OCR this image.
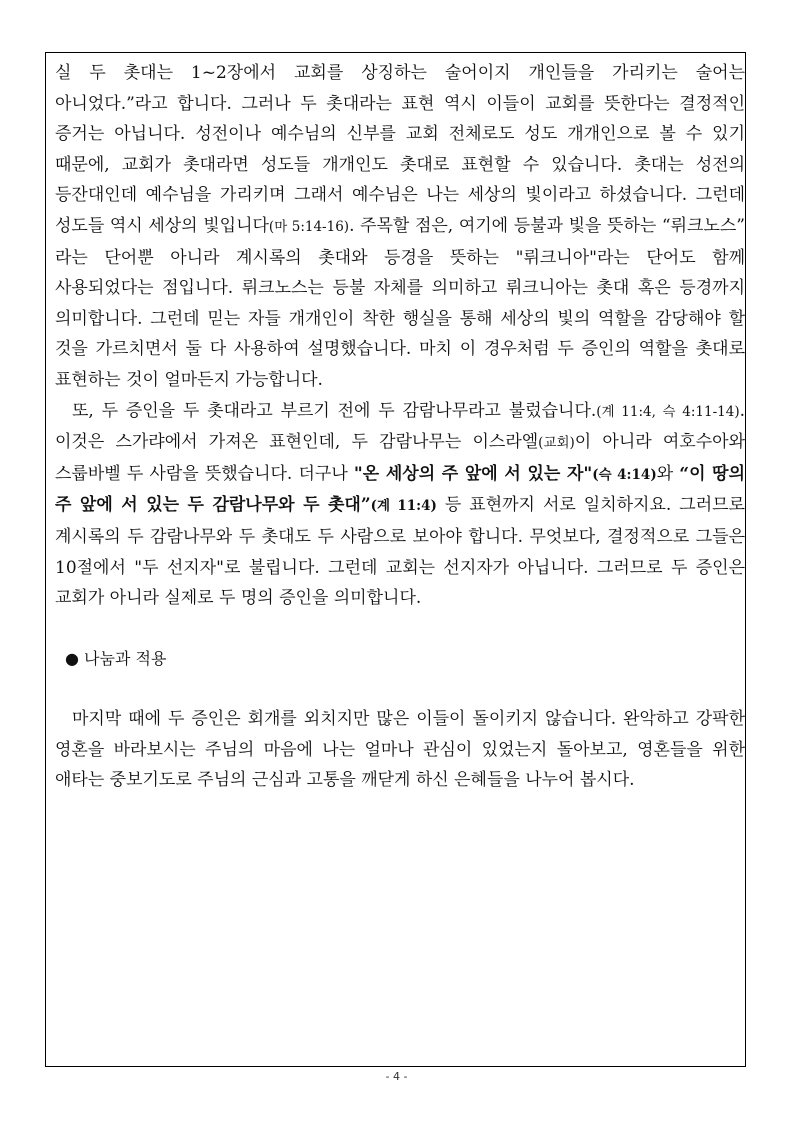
실 두 촛대는 1~2장에서 교회를 상징하는 술어이지 개인들을 가리키는 술어는 아니었다.”라고 합니다. 그러나 두 촛대라는 표현 역시 이들이 교회를 뜻한다는 결정적인 증거는 아닙니다. 성전이나 예수님의 신부를 교회 전체로도 성도 개개인으로 볼 수 있기 때문에, 교회가 촛대라면 성도들 개개인도 촛대로 표현할 수 있습니다. 촛대는 성전의 등잔대인데 예수님을 가리키며 그래서 예수님은 나는 세상의 빛이라고 하셨습니다. 그런데 성도들 역시 세상의 빛입니다(마 5:14-16). 주목할 점은, 여기에 등불과 빛을 뜻하는 “뤼크노스” 라는 단어뿐 아니라 계시록의 촛대와 등경을 뜻하는 "뤼크니아"라는 단어도 함께 사용되었다는 점입니다. 뤼크노스는 등불 자체를 의미하고 뤼크니아는 촛대 혹은 등경까지 의미합니다. 그런데 믿는 자들 개개인이 착한 행실을 통해 세상의 빛의 역할을 감당해야 할 것을 가르치면서 둘 다 사용하여 설명했습니다. 마치 이 경우처럼 두 증인의 역할을 촛대로 표현하는 것이 얼마든지 가능합니다.

또, 두 증인을 두 촛대라고 부르기 전에 두 감람나무라고 불렀습니다.(계 11:4, 슥 4:11-14). 이것은 스가랴에서 가져온 표현인데, 두 감람나무는 이스라엘(교회)이 아니라 여호수아와 스룹바벨 두 사람을 뜻했습니다. 더구나 "온 세상의 주 앞에 서 있는 자"(슥 4:14)와 “이 땅의 주 앞에 서 있는 두 감람나무와 두 촛대”(계 11:4) 등 표현까지 서로 일치하지요. 그러므로 계시록의 두 감람나무와 두 촛대도 두 사람으로 보아야 합니다. 무엇보다, 결정적으로 그들은 10절에서 "두 선지자"로 불립니다. 그런데 교회는 선지자가 아닙니다. 그러므로 두 증인은 교회가 아니라 실제로 두 명의 증인을 의미합니다.

● 나눔과 적용

마지막 때에 두 증인은 회개를 외치지만 많은 이들이 돌이키지 않습니다. 완악하고 강팍한 영혼을 바라보시는 주님의 마음에 나는 얼마나 관심이 있었는지 돌아보고, 영혼들을 위한 애타는 중보기도로 주님의 근심과 고통을 깨닫게 하신 은혜들을 나누어 봅시다.

- 4 -
